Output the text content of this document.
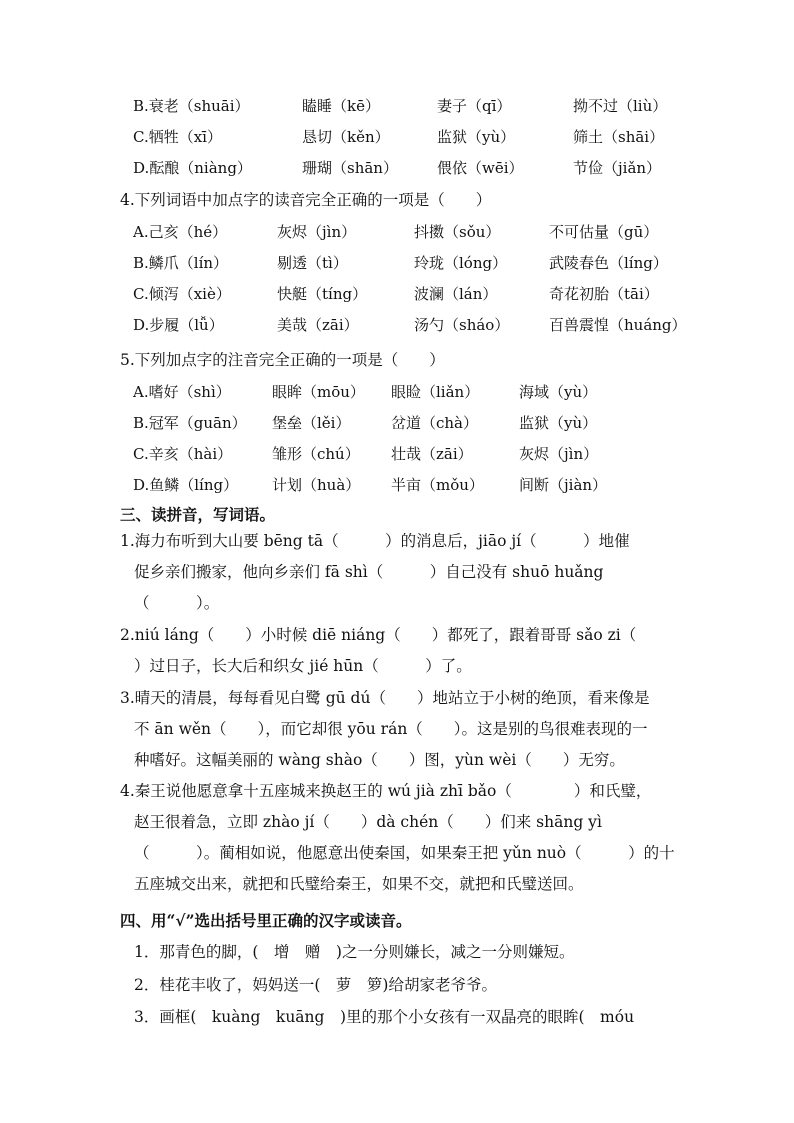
B.衰老（shuāi）	瞌睡（kē）	妻子（qī）	拗不过（liù）
C.牺牲（xī）	恳切（kěn）	监狱（yù）	筛土（shāi）
D.酝酿（niàng）	珊瑚（shān）	偎依（wēi）	节俭（jiǎn）
4.下列词语中加点字的读音完全正确的一项是（　　）
A.己亥（hé）	灰烬（jìn）	抖擞（sǒu）	不可估量（gū）
B.鳞爪（lín）	剔透（tì）	玲珑（lóng）	武陵春色（líng）
C.倾泻（xiè）	快艇（tíng）	波澜（lán）	奇花初胎（tāi）
D.步履（lǚ）	美哉（zāi）	汤勺（sháo）	百兽震惶（huáng）
5.下列加点字的注音完全正确的一项是（　　）
A.嗜好（shì）	眼眸（mōu） 眼睑（liǎn）	海域（yù）
B.冠军（guān） 堡垒（lěi）	岔道（chà）	监狱（yù）
C.辛亥（hài）	雏形（chú） 壮哉（zāi）	灰烬（jìn）
D.鱼鳞（líng） 计划（huà） 半亩（mǒu） 间断（jiàn）
三、读拼音，写词语。
1.海力布听到大山要 bēng tā（　　　）的消息后，jiāo jí（　　　）地催
促乡亲们搬家，他向乡亲们 fā shì（　　　）自己没有 shuō huǎng
（　　　）。
2.niú láng（　　）小时候 diē niáng（　　）都死了，跟着哥哥 sǎo zi（
）过日子，长大后和织女 jié hūn（　　　）了。
3.晴天的清晨，每每看见白鹭 gū dú（　　）地站立于小树的绝顶，看来像是
不 ān wěn（　　），而它却很 yōu rán（　　）。这是别的鸟很难表现的一
种嗜好。这幅美丽的 wàng shào（　　）图，yùn wèi（　　）无穷。
4.秦王说他愿意拿十五座城来换赵王的 wú jià zhī bǎo（　　　　）和氏璧，
赵王很着急，立即 zhào jí（　　）dà chén（　　）们来 shāng yì
（　　　）。蔺相如说，他愿意出使秦国，如果秦王把 yǔn nuò（　　　）的十
五座城交出来，就把和氏璧给秦王，如果不交，就把和氏璧送回。
四、用“√”选出括号里正确的汉字或读音。
1．那青色的脚，(　增　赠　)之一分则嫌长，减之一分则嫌短。
2．桂花丰收了，妈妈送一(　萝　箩)给胡家老爷爷。
3．画框(　kuàng　kuāng　)里的那个小女孩有一双晶亮的眼眸(　móu
